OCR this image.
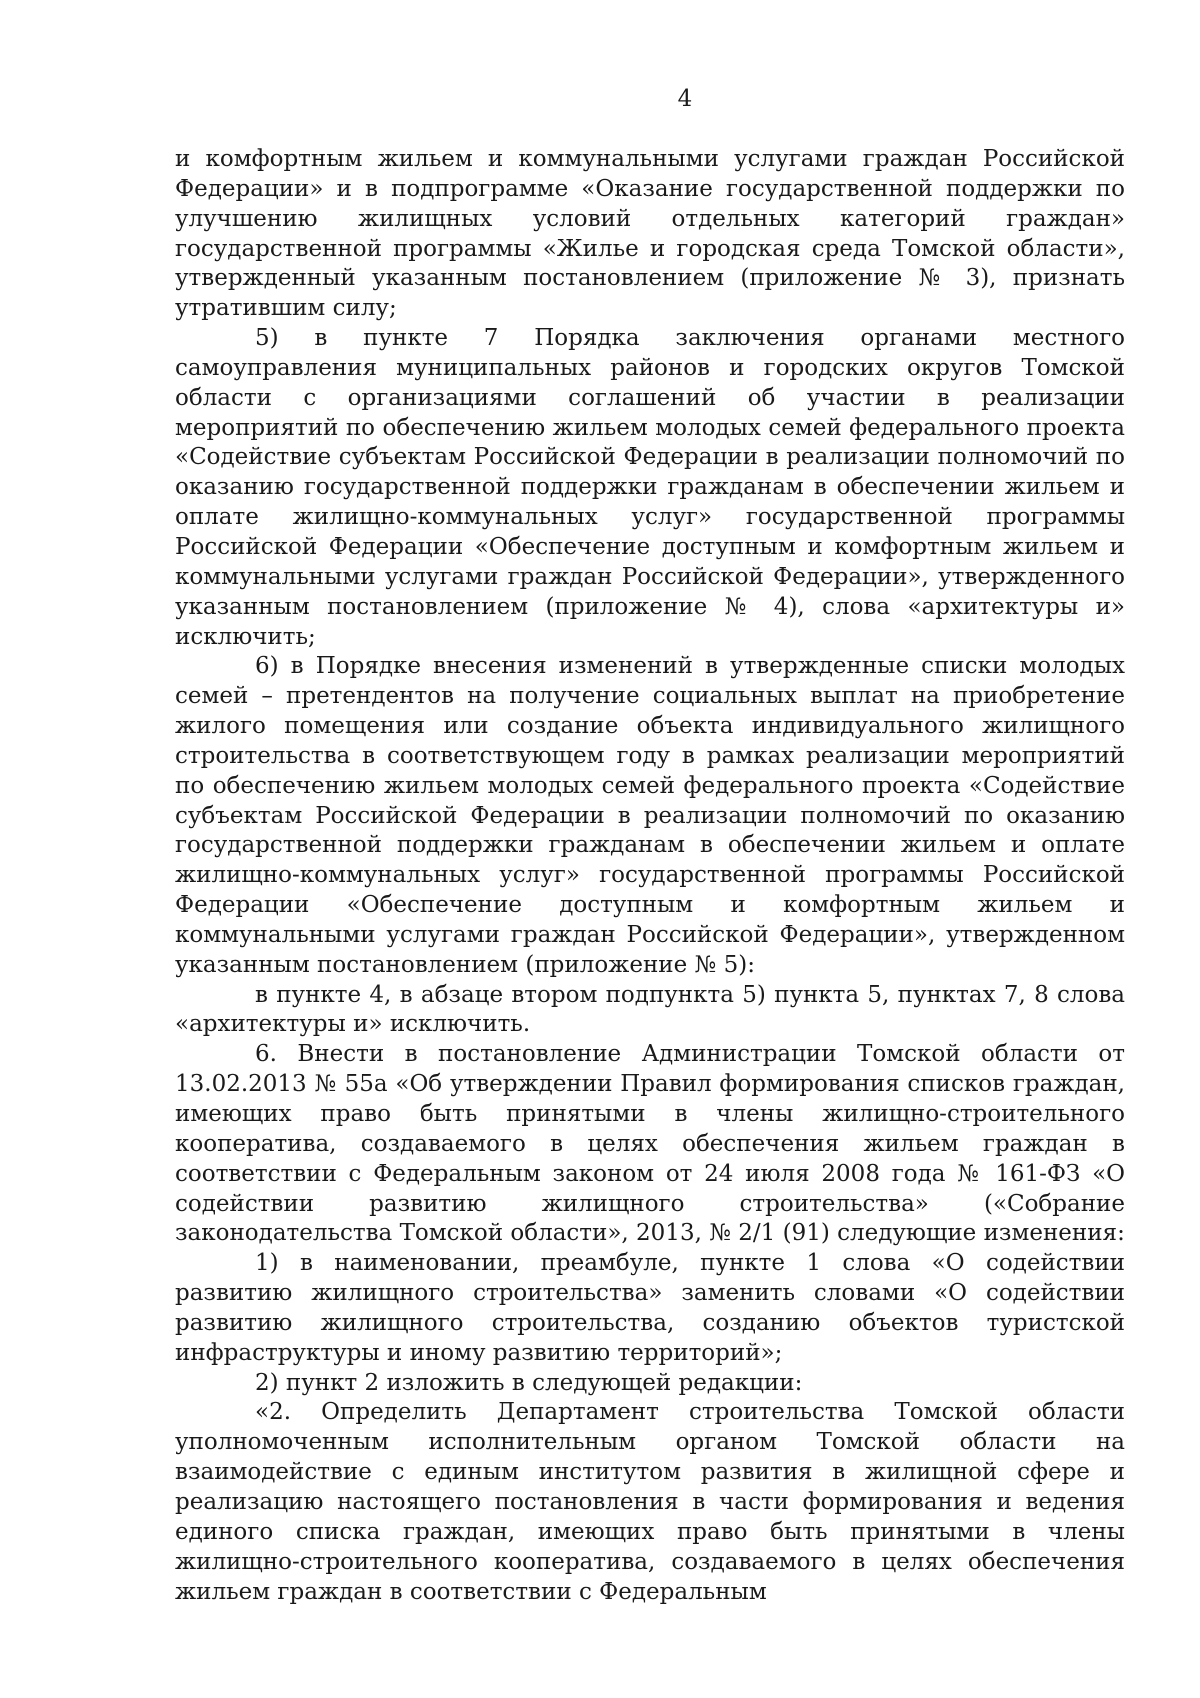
4

и комфортным жильем и коммунальными услугами граждан Российской Федерации» и в подпрограмме «Оказание государственной поддержки по улучшению жилищных условий отдельных категорий граждан» государственной программы «Жилье и городская среда Томской области», утвержденный указанным постановлением (приложение № 3), признать утратившим силу;

5) в пункте 7 Порядка заключения органами местного самоуправления муниципальных районов и городских округов Томской области с организациями соглашений об участии в реализации мероприятий по обеспечению жильем молодых семей федерального проекта «Содействие субъектам Российской Федерации в реализации полномочий по оказанию государственной поддержки гражданам в обеспечении жильем и оплате жилищно-коммунальных услуг» государственной программы Российской Федерации «Обеспечение доступным и комфортным жильем и коммунальными услугами граждан Российской Федерации», утвержденного указанным постановлением (приложение № 4), слова «архитектуры и» исключить;

6) в Порядке внесения изменений в утвержденные списки молодых семей – претендентов на получение социальных выплат на приобретение жилого помещения или создание объекта индивидуального жилищного строительства в соответствующем году в рамках реализации мероприятий по обеспечению жильем молодых семей федерального проекта «Содействие субъектам Российской Федерации в реализации полномочий по оказанию государственной поддержки гражданам в обеспечении жильем и оплате жилищно-коммунальных услуг» государственной программы Российской Федерации «Обеспечение доступным и комфортным жильем и коммунальными услугами граждан Российской Федерации», утвержденном указанным постановлением (приложение № 5):

в пункте 4, в абзаце втором подпункта 5) пункта 5, пунктах 7, 8 слова «архитектуры и» исключить.

6. Внести в постановление Администрации Томской области от 13.02.2013 № 55а «Об утверждении Правил формирования списков граждан, имеющих право быть принятыми в члены жилищно-строительного кооператива, создаваемого в целях обеспечения жильем граждан в соответствии с Федеральным законом от 24 июля 2008 года № 161-ФЗ «О содействии развитию жилищного строительства» («Собрание законодательства Томской области», 2013, № 2/1 (91) следующие изменения:

1) в наименовании, преамбуле, пункте 1 слова «О содействии развитию жилищного строительства» заменить словами «О содействии развитию жилищного строительства, созданию объектов туристской инфраструктуры и иному развитию территорий»;

2) пункт 2 изложить в следующей редакции:

«2. Определить Департамент строительства Томской области уполномоченным исполнительным органом Томской области на взаимодействие с единым институтом развития в жилищной сфере и реализацию настоящего постановления в части формирования и ведения единого списка граждан, имеющих право быть принятыми в члены жилищно-строительного кооператива, создаваемого в целях обеспечения жильем граждан в соответствии с Федеральным
